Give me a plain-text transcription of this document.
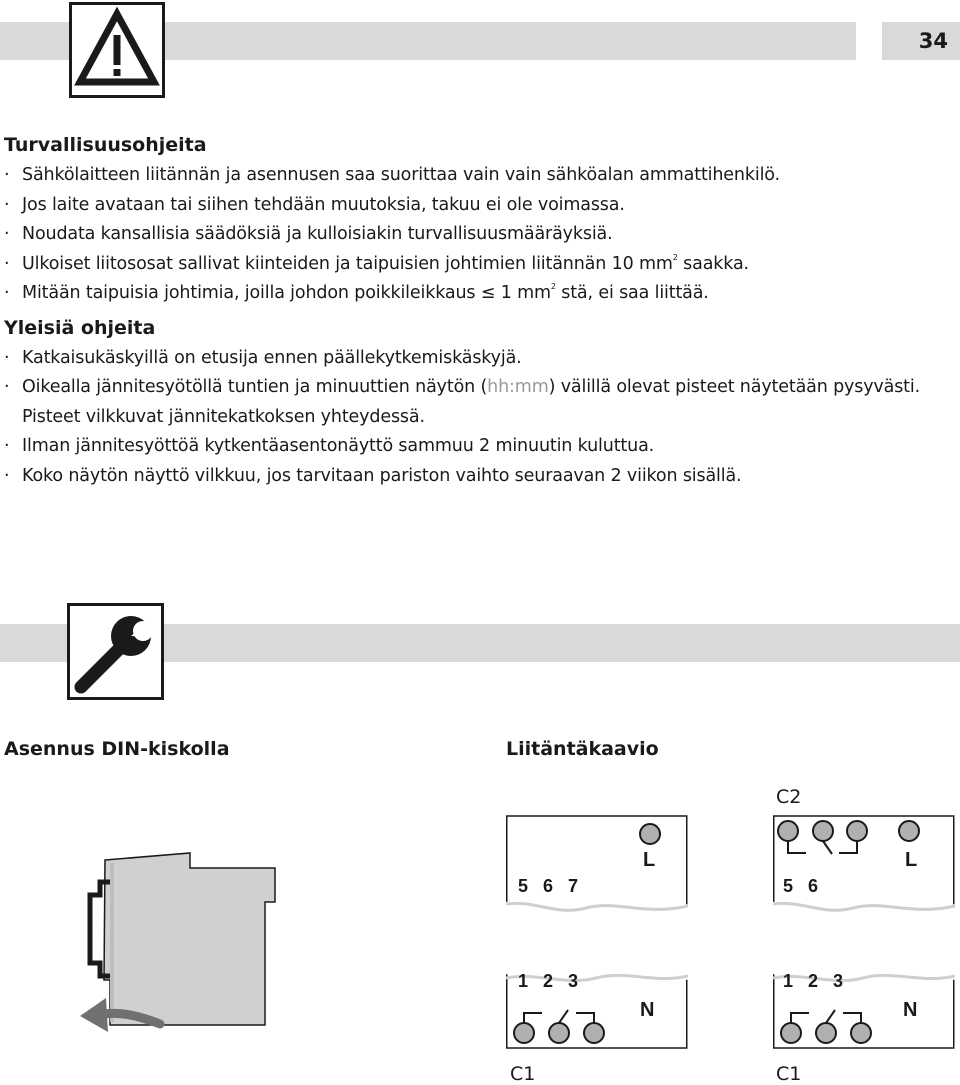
34
Turvallisuusohjeita
· Sähkölaitteen liitännän ja asennusen saa suorittaa vain vain sähköalan ammattihenkilö.
· Jos laite avataan tai siihen tehdään muutoksia, takuu ei ole voimassa.
· Noudata kansallisia säädöksiä ja kulloisiakin turvallisuusmääräyksiä.
· Ulkoiset liitososat sallivat kiinteiden ja taipuisien johtimien liitännän 10 $mm^2$ saakka.
· Mitään taipuisia johtimia, joilla johdon poikkileikkaus ≤ 1 $mm^2$ stä, ei saa liittää.
Yleisiä ohjeita
· Katkaisukäskyillä on etusija ennen päällekytkemiskäskyjä.
· Oikealla jännitesyötöllä tuntien ja minuuttien näytön (hh:mm) välillä olevat pisteet näytetään pysyvästi. Pisteet vilkkuvat jännitekatkoksen yhteydessä.
· Ilman jännitesyöttöä kytkentäasentonäyttö sammuu 2 minuutin kuluttua.
· Koko näytön näyttö vilkkuu, jos tarvitaan pariston vaihto seuraavan 2 viikon sisällä.
Asennus DIN-kiskolla	Liitäntäkaavio
5 6 7
L
1 2 3
N
C1
C2
5 6
L
1 2 3
N
C1
